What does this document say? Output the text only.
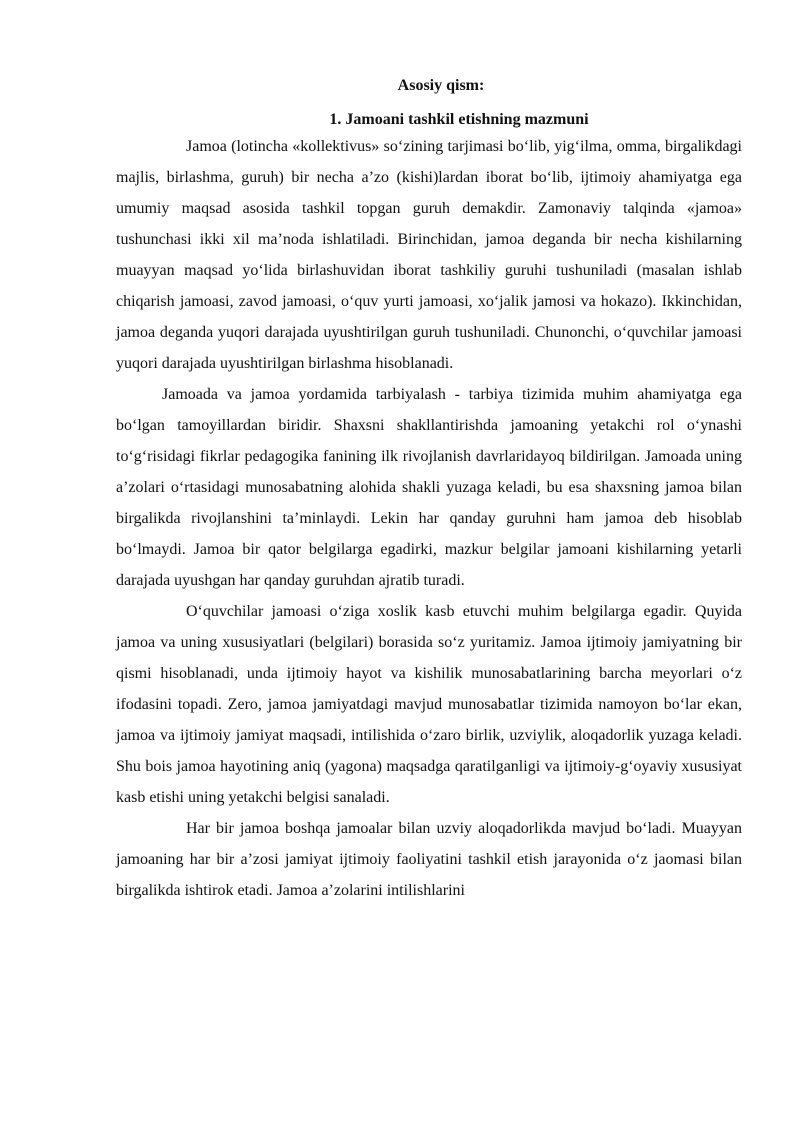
Asosiy qism:
1. Jamoani tashkil etishning mazmuni

Jamoa (lotincha «kollektivus» so‘zining tarjimasi bo‘lib, yig‘ilma, omma, birgalikdagi majlis, birlashma, guruh) bir necha a’zo (kishi)lardan iborat bo‘lib, ijtimoiy ahamiyatga ega umumiy maqsad asosida tashkil topgan guruh demakdir. Zamonaviy talqinda «jamoa» tushunchasi ikki xil ma’noda ishlatiladi. Birinchidan, jamoa deganda bir necha kishilarning muayyan maqsad yo‘lida birlashuvidan iborat tashkiliy guruhi tushuniladi (masalan ishlab chiqarish jamoasi, zavod jamoasi, o‘quv yurti jamoasi, xo‘jalik jamosi va hokazo). Ikkinchidan, jamoa deganda yuqori darajada uyushtirilgan guruh tushuniladi. Chunonchi, o‘quvchilar jamoasi yuqori darajada uyushtirilgan birlashma hisoblanadi.

Jamoada va jamoa yordamida tarbiyalash - tarbiya tizimida muhim ahamiyatga ega bo‘lgan tamoyillardan biridir. Shaxsni shakllantirishda jamoaning yetakchi rol o‘ynashi to‘g‘risidagi fikrlar pedagogika fanining ilk rivojlanish davrlaridayoq bildirilgan. Jamoada uning a’zolari o‘rtasidagi munosabatning alohida shakli yuzaga keladi, bu esa shaxsning jamoa bilan birgalikda rivojlanshini ta’minlaydi. Lekin har qanday guruhni ham jamoa deb hisoblab bo‘lmaydi. Jamoa bir qator belgilarga egadirki, mazkur belgilar jamoani kishilarning yetarli darajada uyushgan har qanday guruhdan ajratib turadi.

O‘quvchilar jamoasi o‘ziga xoslik kasb etuvchi muhim belgilarga egadir. Quyida jamoa va uning xususiyatlari (belgilari) borasida so‘z yuritamiz. Jamoa ijtimoiy jamiyatning bir qismi hisoblanadi, unda ijtimoiy hayot va kishilik munosabatlarining barcha meyorlari o‘z ifodasini topadi. Zero, jamoa jamiyatdagi mavjud munosabatlar tizimida namoyon bo‘lar ekan, jamoa va ijtimoiy jamiyat maqsadi, intilishida o‘zaro birlik, uzviylik, aloqadorlik yuzaga keladi. Shu bois jamoa hayotining aniq (yagona) maqsadga qaratilganligi va ijtimoiy-g‘oyaviy xususiyat kasb etishi uning yetakchi belgisi sanaladi.

Har bir jamoa boshqa jamoalar bilan uzviy aloqadorlikda mavjud bo‘ladi. Muayyan jamoaning har bir a’zosi jamiyat ijtimoiy faoliyatini tashkil etish jarayonida o‘z jaomasi bilan birgalikda ishtirok etadi. Jamoa a’zolarini intilishlarini
